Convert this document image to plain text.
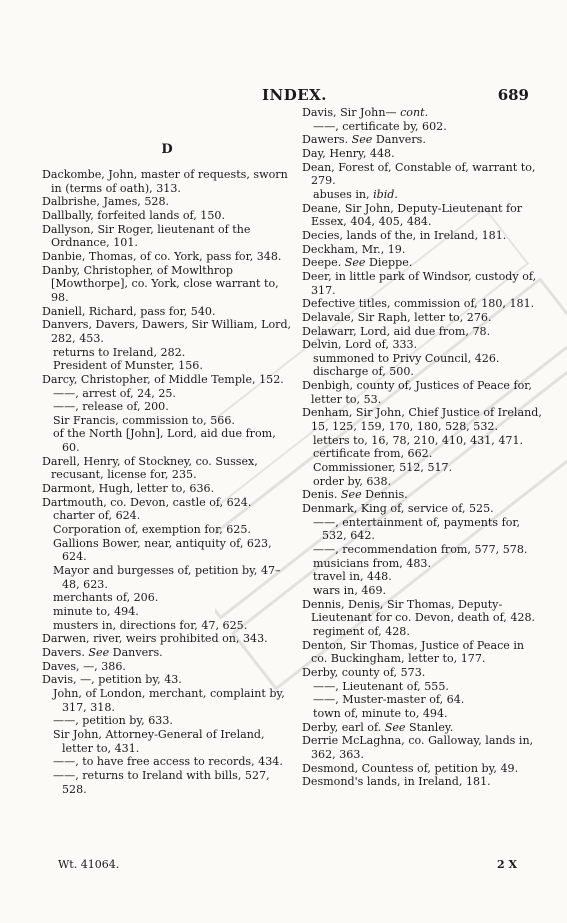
INDEX.	689
D
Dackombe, John, master of requests, sworn in (terms of oath), 313.
Dalbrishe, James, 528.
Dallbally, forfeited lands of, 150.
Dallyson, Sir Roger, lieutenant of the Ordnance, 101.
Danbie, Thomas, of co. York, pass for, 348.
Danby, Christopher, of Mowlthrop [Mowthorpe], co. York, close warrant to, 98.
Daniell, Richard, pass for, 540.
Danvers, Davers, Dawers, Sir William, Lord, 282, 453.
returns to Ireland, 282.
President of Munster, 156.
Darcy, Christopher, of Middle Temple, 152.
——, arrest of, 24, 25.
——, release of, 200.
Sir Francis, commission to, 566.
of the North [John], Lord, aid due from, 60.
Darell, Henry, of Stockney, co. Sussex, recusant, license for, 235.
Darmont, Hugh, letter to, 636.
Dartmouth, co. Devon, castle of, 624.
charter of, 624.
Corporation of, exemption for, 625.
Gallions Bower, near, antiquity of, 623, 624.
Mayor and burgesses of, petition by, 47–48, 623.
merchants of, 206.
minute to, 494.
musters in, directions for, 47, 625.
Darwen, river, weirs prohibited on, 343.
Davers. See Danvers.
Daves, —, 386.
Davis, —, petition by, 43.
John, of London, merchant, complaint by, 317, 318.
——, petition by, 633.
Sir John, Attorney-General of Ireland, letter to, 431.
——, to have free access to records, 434.
——, returns to Ireland with bills, 527, 528.
Davis, Sir John— cont.
——, certificate by, 602.
Dawers. See Danvers.
Day, Henry, 448.
Dean, Forest of, Constable of, warrant to, 279.
abuses in, ibid.
Deane, Sir John, Deputy-Lieutenant for Essex, 404, 405, 484.
Decies, lands of the, in Ireland, 181.
Deckham, Mr., 19.
Deepe. See Dieppe.
Deer, in little park of Windsor, custody of, 317.
Defective titles, commission of, 180, 181.
Delavale, Sir Raph, letter to, 276.
Delawarr, Lord, aid due from, 78.
Delvin, Lord of, 333.
summoned to Privy Council, 426.
discharge of, 500.
Denbigh, county of, Justices of Peace for, letter to, 53.
Denham, Sir John, Chief Justice of Ireland, 15, 125, 159, 170, 180, 528, 532.
letters to, 16, 78, 210, 410, 431, 471.
certificate from, 662.
Commissioner, 512, 517.
order by, 638.
Denis. See Dennis.
Denmark, King of, service of, 525.
——, entertainment of, payments for, 532, 642.
——, recommendation from, 577, 578.
musicians from, 483.
travel in, 448.
wars in, 469.
Dennis, Denis, Sir Thomas, Deputy-Lieutenant for co. Devon, death of, 428.
regiment of, 428.
Denton, Sir Thomas, Justice of Peace in co. Buckingham, letter to, 177.
Derby, county of, 573.
——, Lieutenant of, 555.
——, Muster-master of, 64.
town of, minute to, 494.
Derby, earl of. See Stanley.
Derrie McLaghna, co. Galloway, lands in, 362, 363.
Desmond, Countess of, petition by, 49.
Desmond's lands, in Ireland, 181.
Wt. 41064.	2 X
